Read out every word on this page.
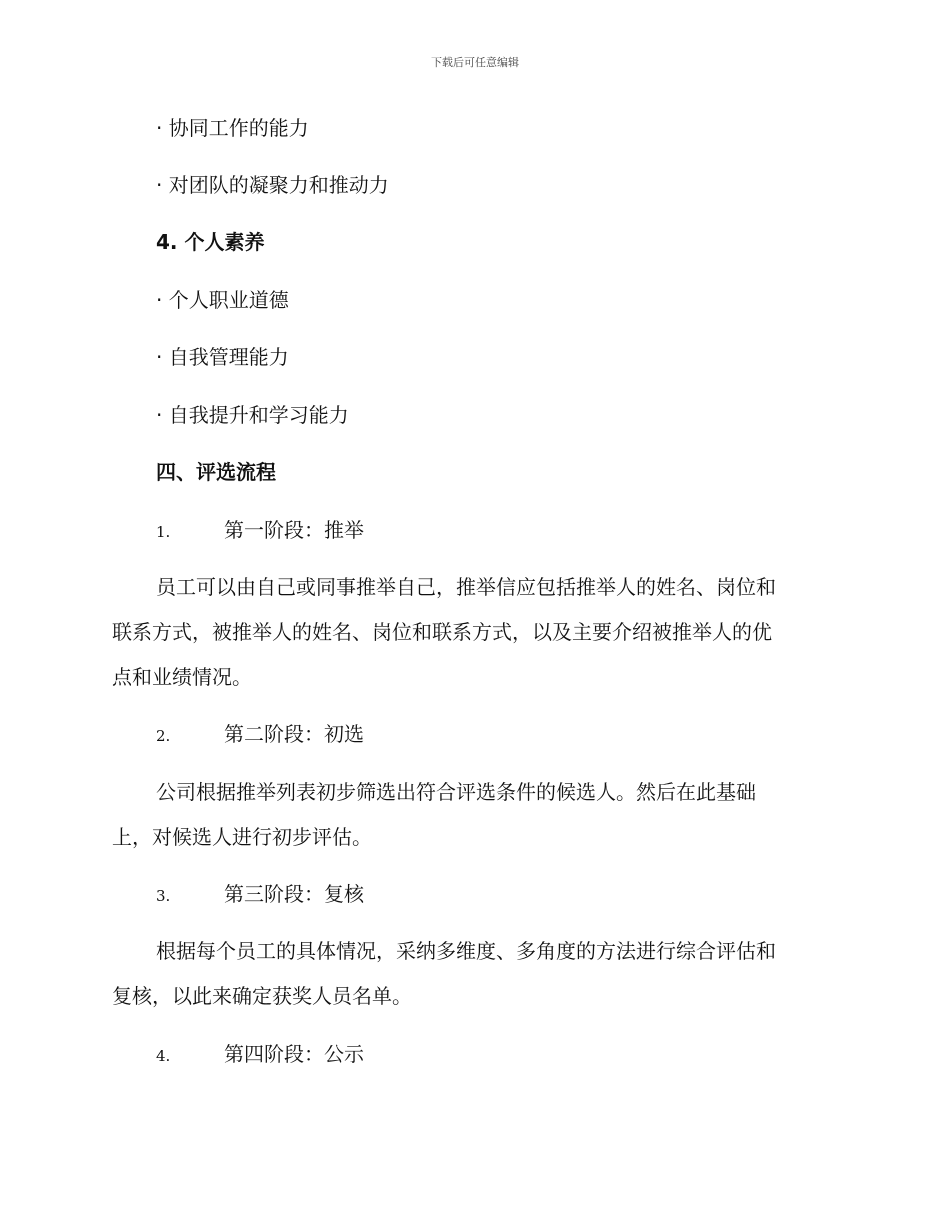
下载后可任意编辑
· 协同工作的能力
· 对团队的凝聚力和推动力
4. 个人素养
· 个人职业道德
· 自我管理能力
· 自我提升和学习能力
四、评选流程
1.	第一阶段：推举
员工可以由自己或同事推举自己，推举信应包括推举人的姓名、岗位和
联系方式，被推举人的姓名、岗位和联系方式，以及主要介绍被推举人的优
点和业绩情况。
2.	第二阶段：初选
公司根据推举列表初步筛选出符合评选条件的候选人。然后在此基础
上，对候选人进行初步评估。
3.	第三阶段：复核
根据每个员工的具体情况，采纳多维度、多角度的方法进行综合评估和
复核，以此来确定获奖人员名单。
4.	第四阶段：公示
